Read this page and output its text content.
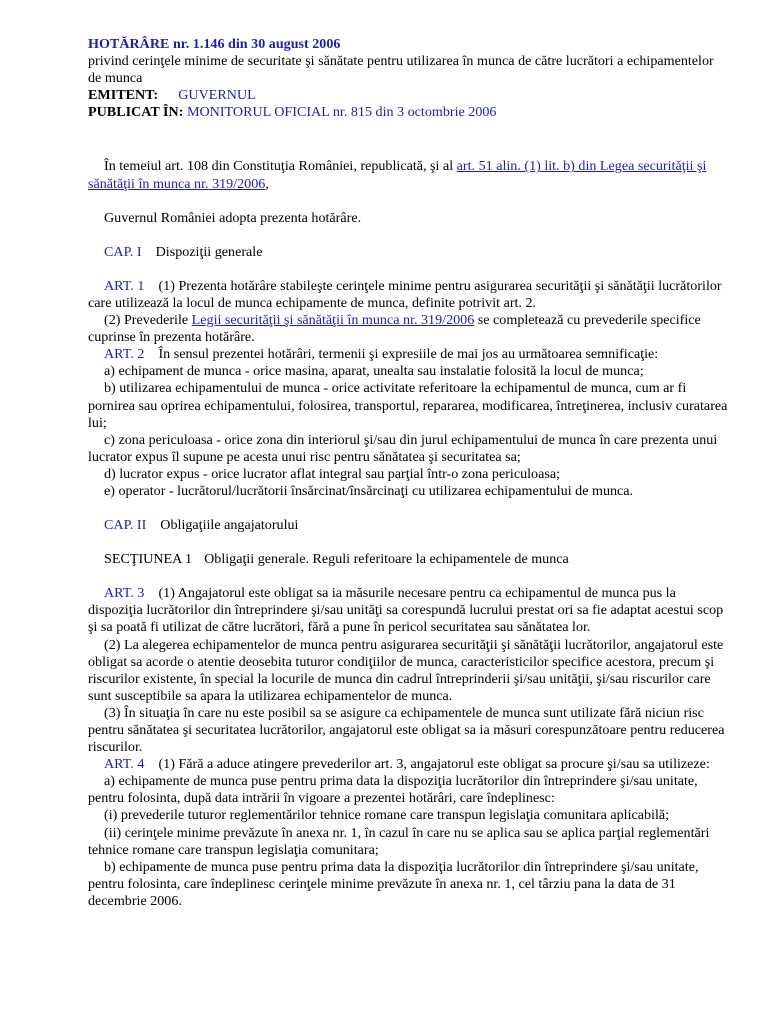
HOTĂRÂRE nr. 1.146 din 30 august 2006

privind cerinţele minime de securitate şi sănătate pentru utilizarea în munca de către lucrători a echipamentelor de munca

EMITENT: GUVERNUL

PUBLICAT ÎN: MONITORUL OFICIAL nr. 815 din 3 octombrie 2006

În temeiul art. 108 din Constituţia României, republicată, şi al art. 51 alin. (1) lit. b) din Legea securităţii şi sănătăţii în munca nr. 319/2006,

Guvernul României adopta prezenta hotărâre.

CAP. I Dispoziţii generale

ART. 1 (1) Prezenta hotărâre stabileşte cerinţele minime pentru asigurarea securităţii şi sănătăţii lucrătorilor care utilizează la locul de munca echipamente de munca, definite potrivit art. 2.

(2) Prevederile Legii securităţii şi sănătăţii în munca nr. 319/2006 se completează cu prevederile specifice cuprinse în prezenta hotărâre.

ART. 2 În sensul prezentei hotărâri, termenii şi expresiile de mai jos au următoarea semnificaţie:

a) echipament de munca - orice masina, aparat, unealta sau instalatie folosită la locul de munca;

b) utilizarea echipamentului de munca - orice activitate referitoare la echipamentul de munca, cum ar fi pornirea sau oprirea echipamentului, folosirea, transportul, repararea, modificarea, întreţinerea, inclusiv curatarea lui;

c) zona periculoasa - orice zona din interiorul şi/sau din jurul echipamentului de munca în care prezenta unui lucrator expus îl supune pe acesta unui risc pentru sănătatea şi securitatea sa;

d) lucrator expus - orice lucrator aflat integral sau parţial într-o zona periculoasa;

e) operator - lucrătorul/lucrătorii însărcinat/însărcinaţi cu utilizarea echipamentului de munca.

CAP. II Obligaţiile angajatorului

SECŢIUNEA 1 Obligaţii generale. Reguli referitoare la echipamentele de munca

ART. 3 (1) Angajatorul este obligat sa ia măsurile necesare pentru ca echipamentul de munca pus la dispoziţia lucrătorilor din întreprindere şi/sau unităţi sa corespundă lucrului prestat ori sa fie adaptat acestui scop şi sa poată fi utilizat de către lucrători, fără a pune în pericol securitatea sau sănătatea lor.

(2) La alegerea echipamentelor de munca pentru asigurarea securităţii şi sănătăţii lucrătorilor, angajatorul este obligat sa acorde o atentie deosebita tuturor condiţiilor de munca, caracteristicilor specifice acestora, precum şi riscurilor existente, în special la locurile de munca din cadrul întreprinderii şi/sau unităţii, şi/sau riscurilor care sunt susceptibile sa apara la utilizarea echipamentelor de munca.

(3) În situaţia în care nu este posibil sa se asigure ca echipamentele de munca sunt utilizate fără niciun risc pentru sănătatea şi securitatea lucrătorilor, angajatorul este obligat sa ia măsuri corespunzătoare pentru reducerea riscurilor.

ART. 4 (1) Fără a aduce atingere prevederilor art. 3, angajatorul este obligat sa procure şi/sau sa utilizeze:

a) echipamente de munca puse pentru prima data la dispoziţia lucrătorilor din întreprindere şi/sau unitate, pentru folosinta, după data intrării în vigoare a prezentei hotărâri, care îndeplinesc:

(i) prevederile tuturor reglementărilor tehnice romane care transpun legislaţia comunitara aplicabilă;

(ii) cerinţele minime prevăzute în anexa nr. 1, în cazul în care nu se aplica sau se aplica parţial reglementări tehnice romane care transpun legislaţia comunitara;

b) echipamente de munca puse pentru prima data la dispoziţia lucrătorilor din întreprindere şi/sau unitate, pentru folosinta, care îndeplinesc cerinţele minime prevăzute în anexa nr. 1, cel târziu pana la data de 31 decembrie 2006.
